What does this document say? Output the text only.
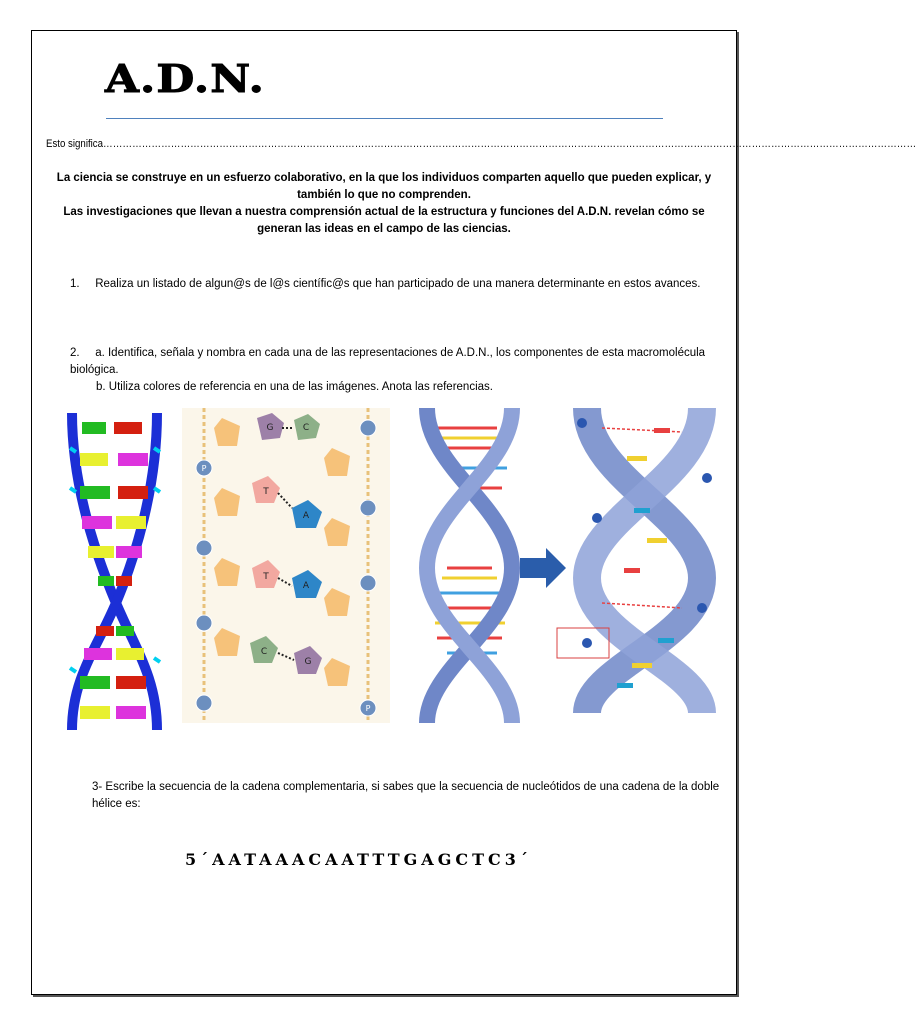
A.D.N.
Esto significa………………………………………………………………………………………………………………………………………………………………………………………………………………………………
La ciencia se construye en un esfuerzo colaborativo, en la que los individuos comparten aquello que pueden explicar, y también lo que no comprenden.
Las investigaciones que llevan a nuestra comprensión actual de la estructura y funciones del A.D.N. revelan cómo se generan las ideas en el campo de las ciencias.
1. Realiza un listado de algun@s de l@s científic@s que han participado de una manera determinante en estos avances.
2. a. Identifica, señala y nombra en cada una de las representaciones de A.D.N., los componentes de esta macromolécula biológica.
b. Utiliza colores de referencia en una de las imágenes. Anota las referencias.
P
P
G	C
T
A
T
A
C
G
3- Escribe la secuencia de la cadena complementaria, si sabes que la secuencia de nucleótidos de una cadena de la doble hélice es:
5´AATAAACAATTTGAGCTC3´
